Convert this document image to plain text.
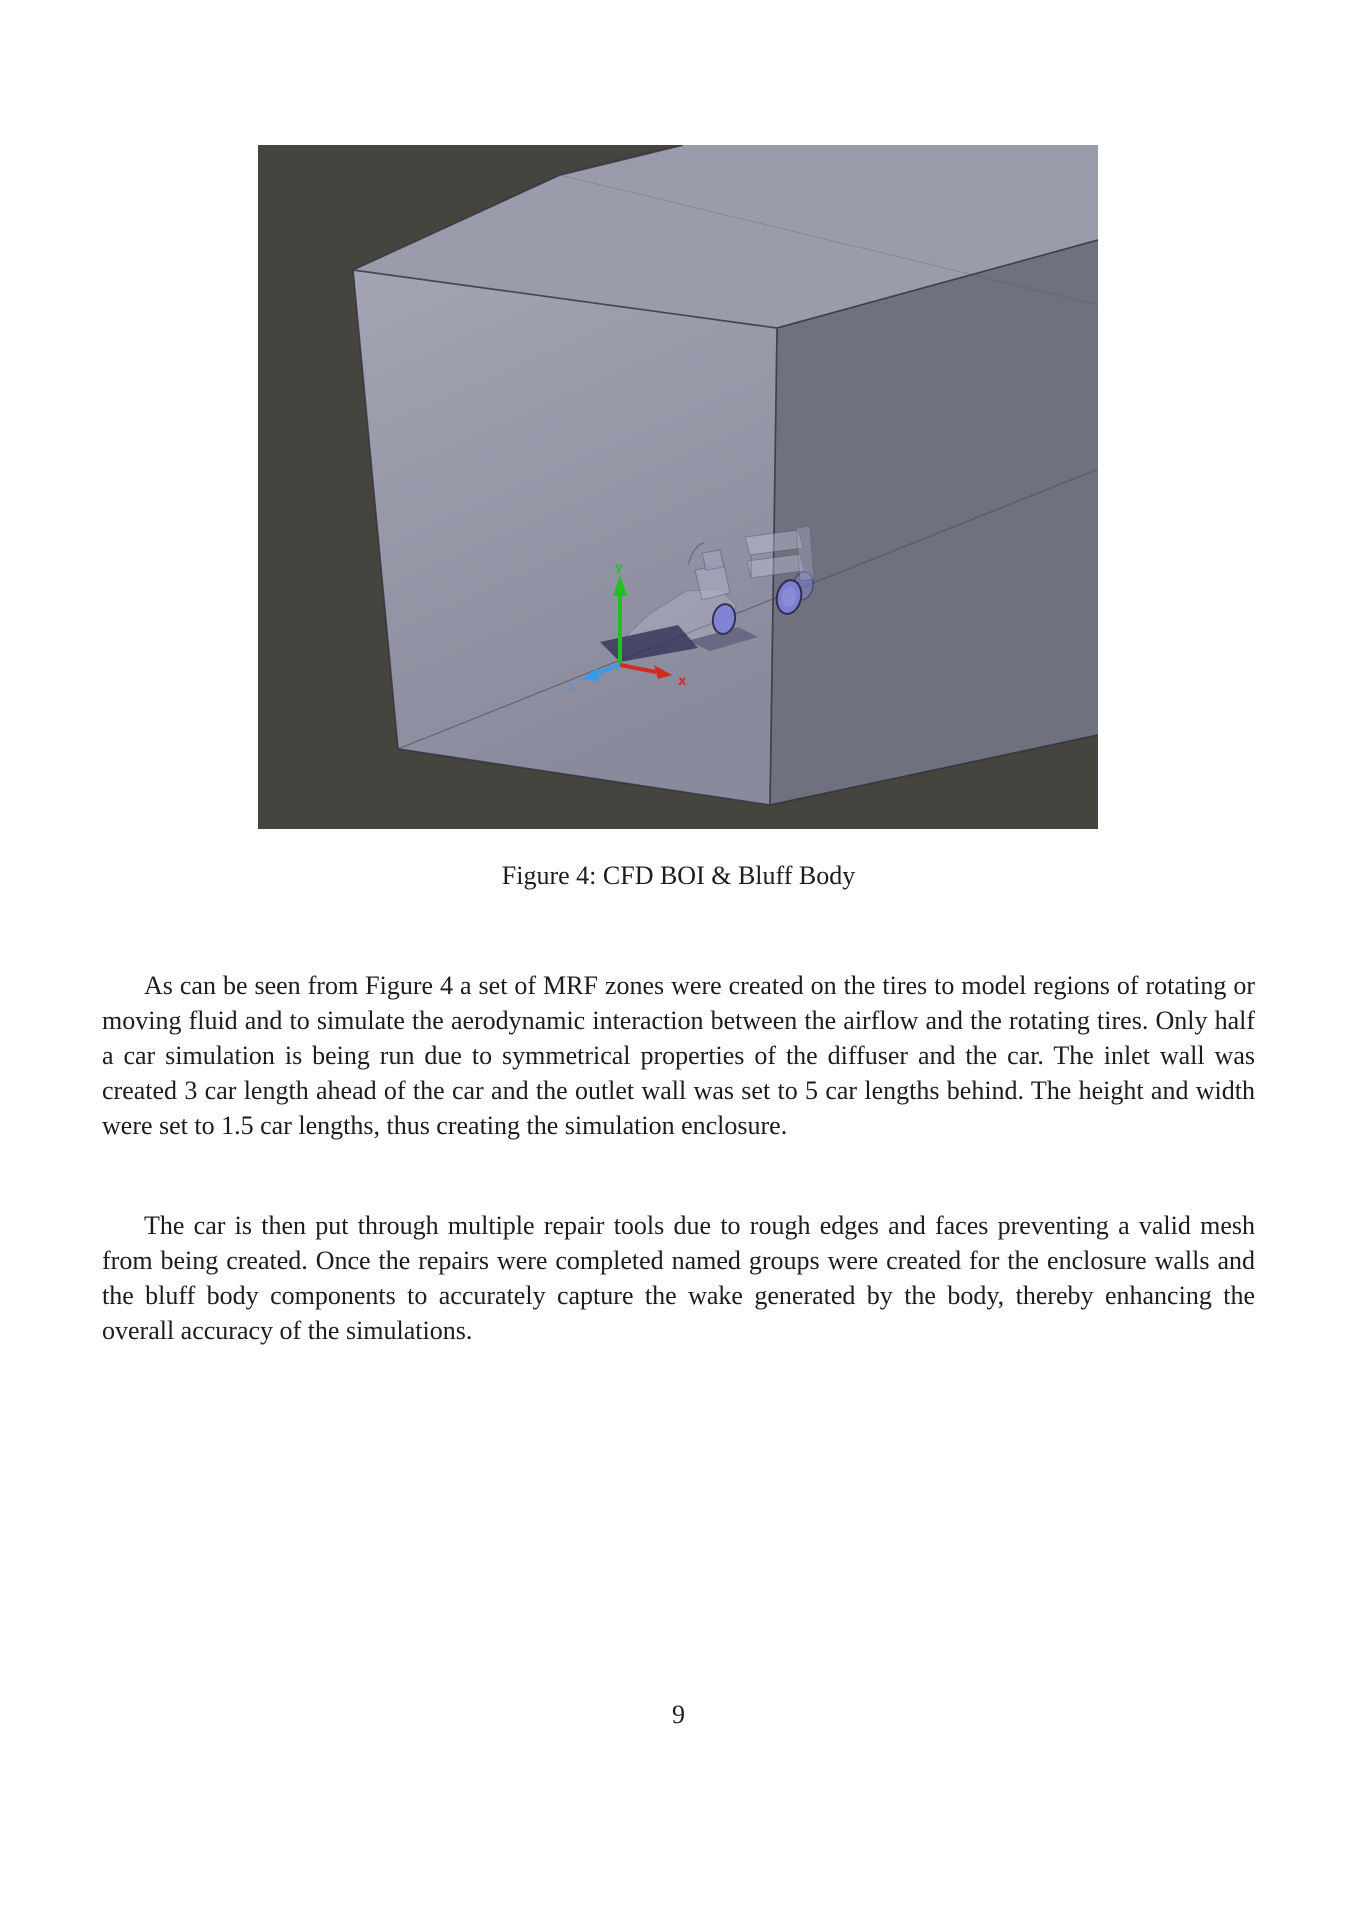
y
x
z
Figure 4: CFD BOI & Bluff Body

As can be seen from Figure 4 a set of MRF zones were created on the tires to model regions of rotating or moving fluid and to simulate the aerodynamic interaction between the airflow and the rotating tires. Only half a car simulation is being run due to symmetrical properties of the diffuser and the car. The inlet wall was created 3 car length ahead of the car and the outlet wall was set to 5 car lengths behind. The height and width were set to 1.5 car lengths, thus creating the simulation enclosure.

The car is then put through multiple repair tools due to rough edges and faces preventing a valid mesh from being created. Once the repairs were completed named groups were created for the enclosure walls and the bluff body components to accurately capture the wake generated by the body, thereby enhancing the overall accuracy of the simulations.

9
